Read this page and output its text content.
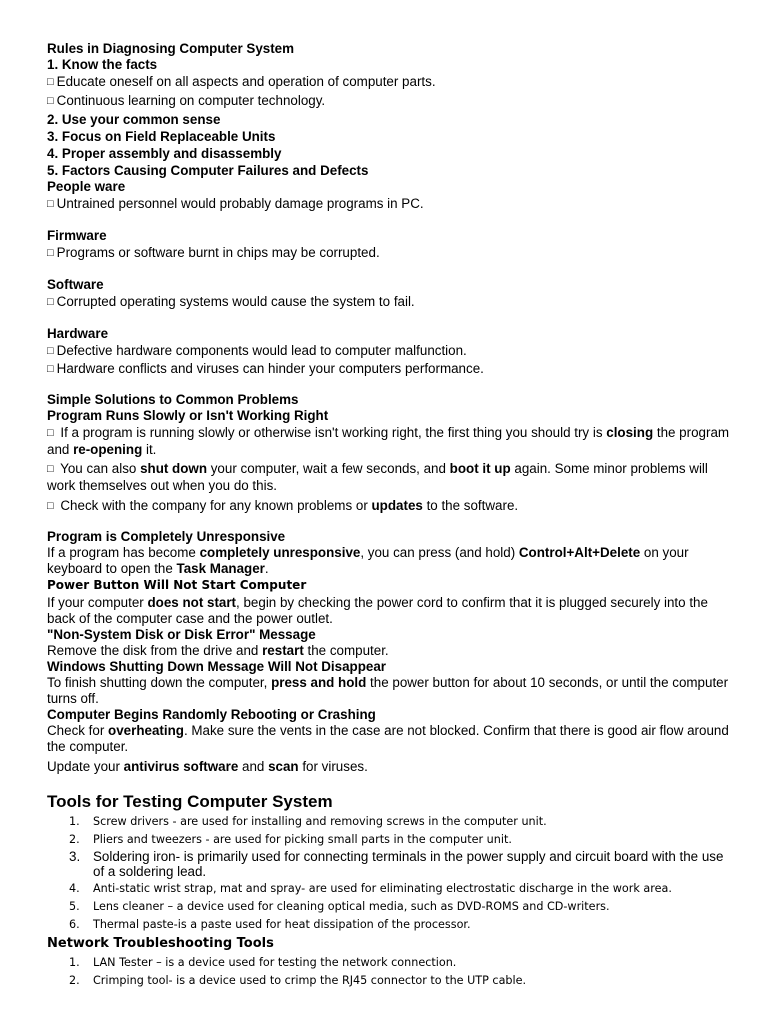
Rules in Diagnosing Computer System
1. Know the facts
□ Educate oneself on all aspects and operation of computer parts.
□ Continuous learning on computer technology.
2. Use your common sense
3. Focus on Field Replaceable Units
4. Proper assembly and disassembly
5. Factors Causing Computer Failures and Defects
People ware
□ Untrained personnel would probably damage programs in PC.
Firmware
□ Programs or software burnt in chips may be corrupted.
Software
□ Corrupted operating systems would cause the system to fail.
Hardware
□ Defective hardware components would lead to computer malfunction.
□ Hardware conflicts and viruses can hinder your computers performance.
Simple Solutions to Common Problems
Program Runs Slowly or Isn't Working Right
□ If a program is running slowly or otherwise isn't working right, the first thing you should try is closing the program and re-opening it.
□ You can also shut down your computer, wait a few seconds, and boot it up again. Some minor problems will work themselves out when you do this.
□ Check with the company for any known problems or updates to the software.
Program is Completely Unresponsive
If a program has become completely unresponsive, you can press (and hold) Control+Alt+Delete on your keyboard to open the Task Manager.
Power Button Will Not Start Computer
If your computer does not start, begin by checking the power cord to confirm that it is plugged securely into the back of the computer case and the power outlet.
"Non-System Disk or Disk Error" Message
Remove the disk from the drive and restart the computer.
Windows Shutting Down Message Will Not Disappear
To finish shutting down the computer, press and hold the power button for about 10 seconds, or until the computer turns off.
Computer Begins Randomly Rebooting or Crashing
Check for overheating. Make sure the vents in the case are not blocked. Confirm that there is good air flow around the computer.
Update your antivirus software and scan for viruses.
Tools for Testing Computer System
1. Screw drivers - are used for installing and removing screws in the computer unit.
2. Pliers and tweezers - are used for picking small parts in the computer unit.
3. Soldering iron- is primarily used for connecting terminals in the power supply and circuit board with the use of a soldering lead.
4. Anti-static wrist strap, mat and spray- are used for eliminating electrostatic discharge in the work area.
5. Lens cleaner – a device used for cleaning optical media, such as DVD-ROMS and CD-writers.
6. Thermal paste-is a paste used for heat dissipation of the processor.
Network Troubleshooting Tools
1. LAN Tester – is a device used for testing the network connection.
2. Crimping tool- is a device used to crimp the RJ45 connector to the UTP cable.
